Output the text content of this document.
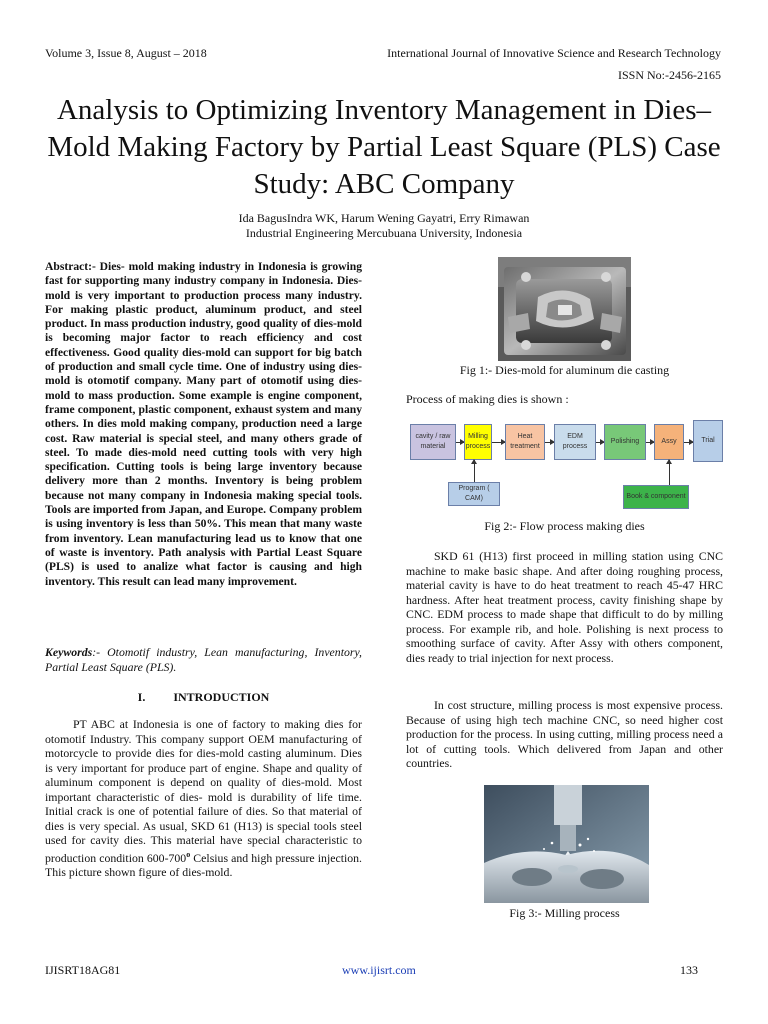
Volume 3, Issue 8, August – 2018	International Journal of Innovative Science and Research Technology
ISSN No:-2456-2165
Analysis to Optimizing Inventory Management in Dies–Mold Making Factory by Partial Least Square (PLS) Case Study: ABC Company
Ida BagusIndra WK, Harum Wening Gayatri, Erry Rimawan
Industrial Engineering Mercubuana University, Indonesia

Abstract:- Dies- mold making industry in Indonesia is growing fast for supporting many industry company in Indonesia. Dies- mold is very important to production process many industry. For making plastic product, aluminum product, and steel product. In mass production industry, good quality of dies-mold is becoming major factor to reach efficiency and cost effectiveness. Good quality dies-mold can support for big batch of production and small cycle time. One of industry using dies- mold is otomotif company. Many part of otomotif using dies-mold to mass production. Some example is engine component, frame component, plastic component, exhaust system and many others. In dies mold making company, production need a large cost. Raw material is special steel, and many others grade of steel. To made dies-mold need cutting tools with very high specification. Cutting tools is being large inventory because delivery more than 2 months. Inventory is being problem because not many company in Indonesia making special tools. Tools are imported from Japan, and Europe. Company problem is using inventory is less than 50%. This mean that many waste from inventory. Lean manufacturing lead us to know that one of waste is inventory. Path analysis with Partial Least Square (PLS) is used to analize what factor is causing and high inventory. This result can lead many improvement.

Keywords:- Otomotif industry, Lean manufacturing, Inventory, Partial Least Square (PLS).

I. INTRODUCTION

PT ABC at Indonesia is one of factory to making dies for otomotif Industry. This company support OEM manufacturing of motorcycle to provide dies for dies-mold casting aluminum. Dies is very important for produce part of engine. Shape and quality of aluminum component is depend on quality of dies-mold. Most important characteristic of dies- mold is durability of life time. Initial crack is one of potential failure of dies. So that material of dies is very special. As usual, SKD 61 (H13) is special tools steel used for cavity dies. This material have special characteristic to production condition 600-700$^o$ Celsius and high pressure injection. This picture shown figure of dies-mold.

Fig 1:- Dies-mold for aluminum die casting
Process of making dies is shown :
cavity / raw material
Milling process
Heat treatment
EDM process
Polishing	Assy	Trial
Program ( CAM)	Book & component
Fig 2:- Flow process making dies

SKD 61 (H13) first proceed in milling station using CNC machine to make basic shape. And after doing roughing process, material cavity is have to do heat treatment to reach 45-47 HRC hardness. After heat treatment process, cavity finishing shape by CNC. EDM process to made shape that difficult to do by milling process. For example rib, and hole. Polishing is next process to smoothing surface of cavity. After Assy with others component, dies ready to trial injection for next process.

In cost structure, milling process is most expensive process. Because of using high tech machine CNC, so need higher cost production for the process. In using cutting, milling process need a lot of cutting tools. Which delivered from Japan and other countries.

Fig 3:- Milling process
IJISRT18AG81	www.ijisrt.com	133
